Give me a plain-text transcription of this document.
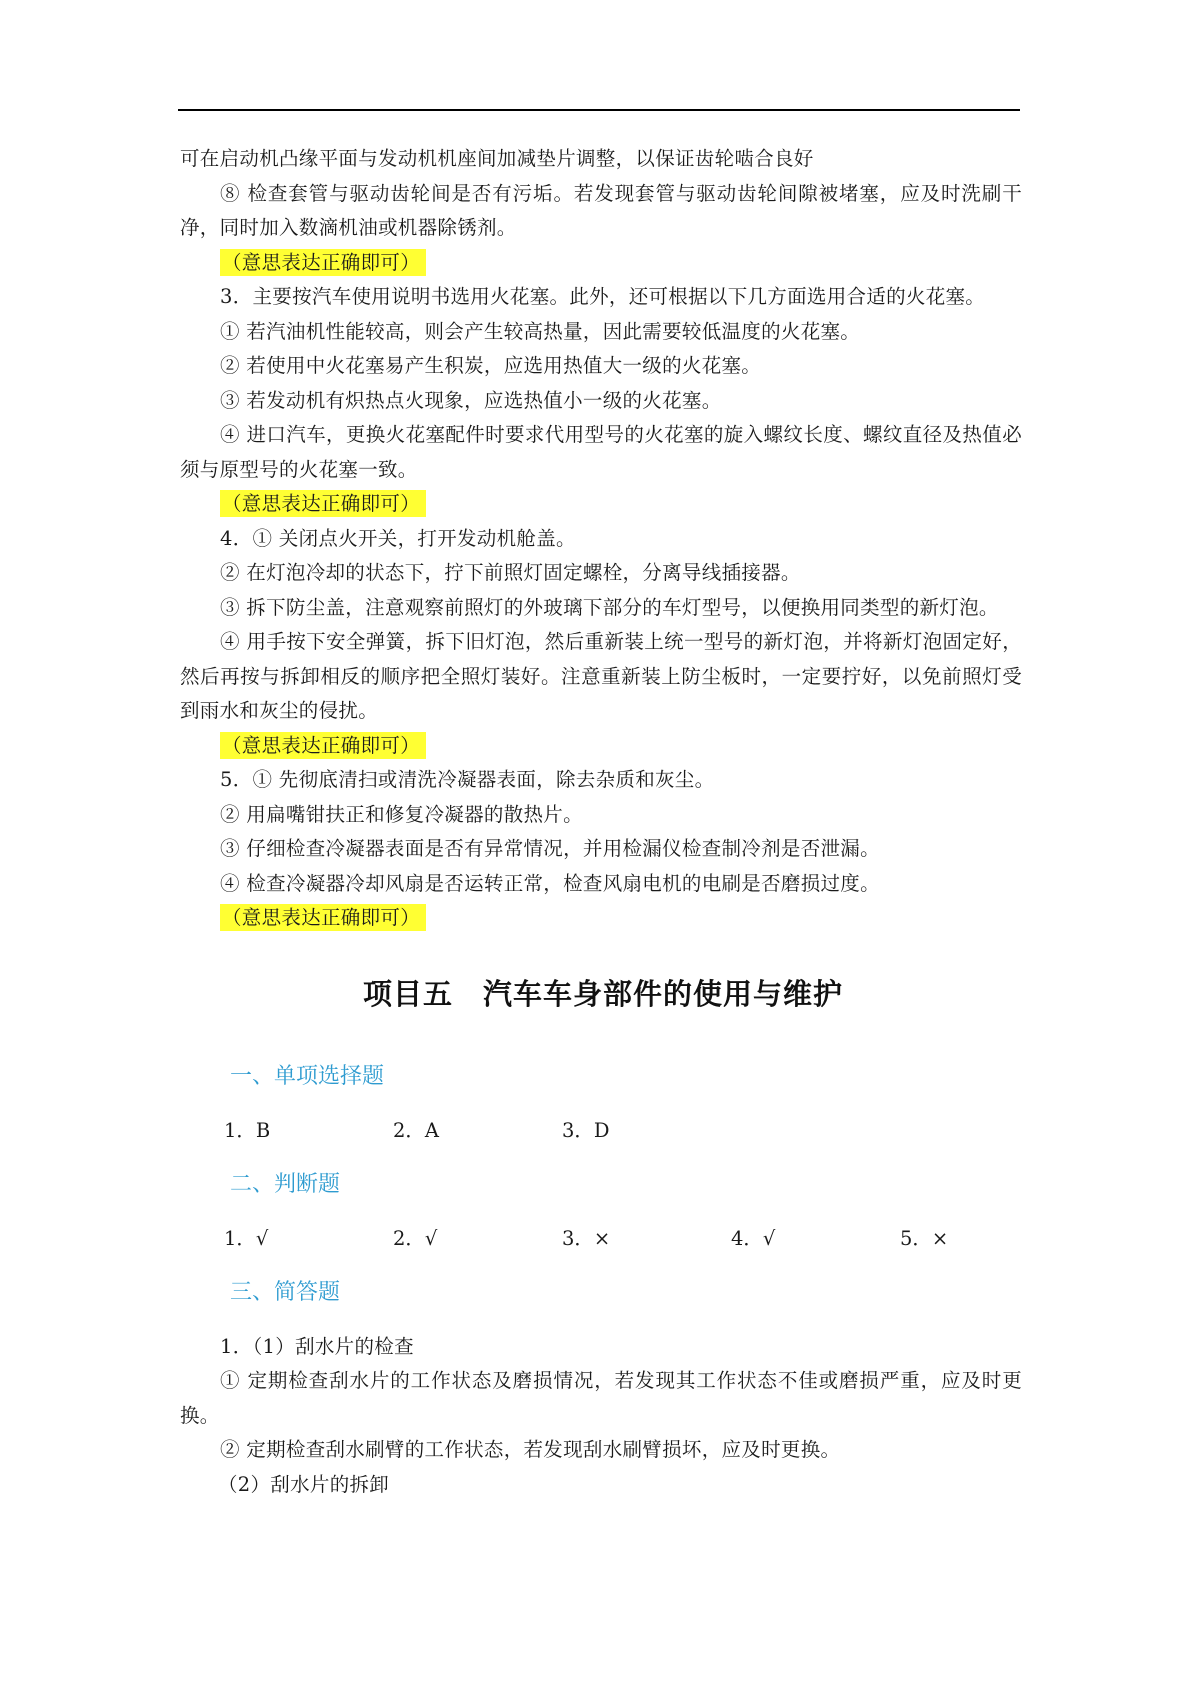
可在启动机凸缘平面与发动机机座间加减垫片调整，以保证齿轮啮合良好

⑧ 检查套管与驱动齿轮间是否有污垢。若发现套管与驱动齿轮间隙被堵塞，应及时洗刷干净，同时加入数滴机油或机器除锈剂。

（意思表达正确即可）

3．主要按汽车使用说明书选用火花塞。此外，还可根据以下几方面选用合适的火花塞。

① 若汽油机性能较高，则会产生较高热量，因此需要较低温度的火花塞。

② 若使用中火花塞易产生积炭，应选用热值大一级的火花塞。

③ 若发动机有炽热点火现象，应选热值小一级的火花塞。

④ 进口汽车，更换火花塞配件时要求代用型号的火花塞的旋入螺纹长度、螺纹直径及热值必须与原型号的火花塞一致。

（意思表达正确即可）

4．① 关闭点火开关，打开发动机舱盖。

② 在灯泡冷却的状态下，拧下前照灯固定螺栓，分离导线插接器。

③ 拆下防尘盖，注意观察前照灯的外玻璃下部分的车灯型号，以便换用同类型的新灯泡。

④ 用手按下安全弹簧，拆下旧灯泡，然后重新装上统一型号的新灯泡，并将新灯泡固定好，然后再按与拆卸相反的顺序把全照灯装好。注意重新装上防尘板时，一定要拧好，以免前照灯受到雨水和灰尘的侵扰。

（意思表达正确即可）

5．① 先彻底清扫或清洗冷凝器表面，除去杂质和灰尘。

② 用扁嘴钳扶正和修复冷凝器的散热片。

③ 仔细检查冷凝器表面是否有异常情况，并用检漏仪检查制冷剂是否泄漏。

④ 检查冷凝器冷却风扇是否运转正常，检查风扇电机的电刷是否磨损过度。

（意思表达正确即可）

项目五　汽车车身部件的使用与维护
一、单项选择题
1．B	2．A	3．D
二、判断题
1．√	2．√	3．×	4．√	5．×
三、简答题

1．（1）刮水片的检查

① 定期检查刮水片的工作状态及磨损情况，若发现其工作状态不佳或磨损严重，应及时更换。

② 定期检查刮水刷臂的工作状态，若发现刮水刷臂损坏，应及时更换。

（2）刮水片的拆卸
